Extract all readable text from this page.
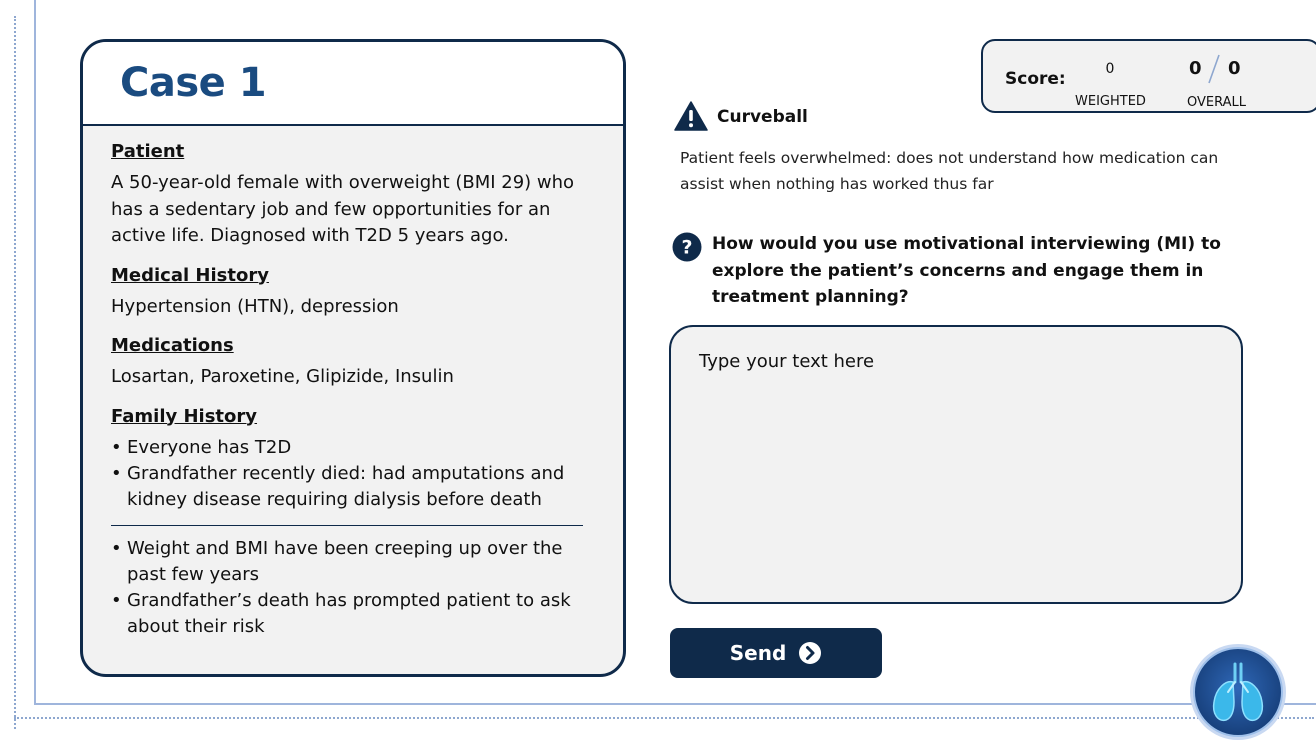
Case 1
Patient

A 50-year-old female with overweight (BMI 29) who has a sedentary job and few opportunities for an active life. Diagnosed with T2D 5 years ago.

Medical History

Hypertension (HTN), depression

Medications

Losartan, Paroxetine, Glipizide, Insulin

Family History
• Everyone has T2D
• Grandfather recently died: had amputations and kidney disease requiring dialysis before death
• Weight and BMI have been creeping up over the past few years
• Grandfather’s death has prompted patient to ask about their risk
Score:	0
WEIGHTED
0 0
OVERALL
Curveball

Patient feels overwhelmed: does not understand how medication can assist when nothing has worked thus far

? How would you use motivational interviewing (MI) to explore the patient’s concerns and engage them in treatment planning?

Type your text here
Send
